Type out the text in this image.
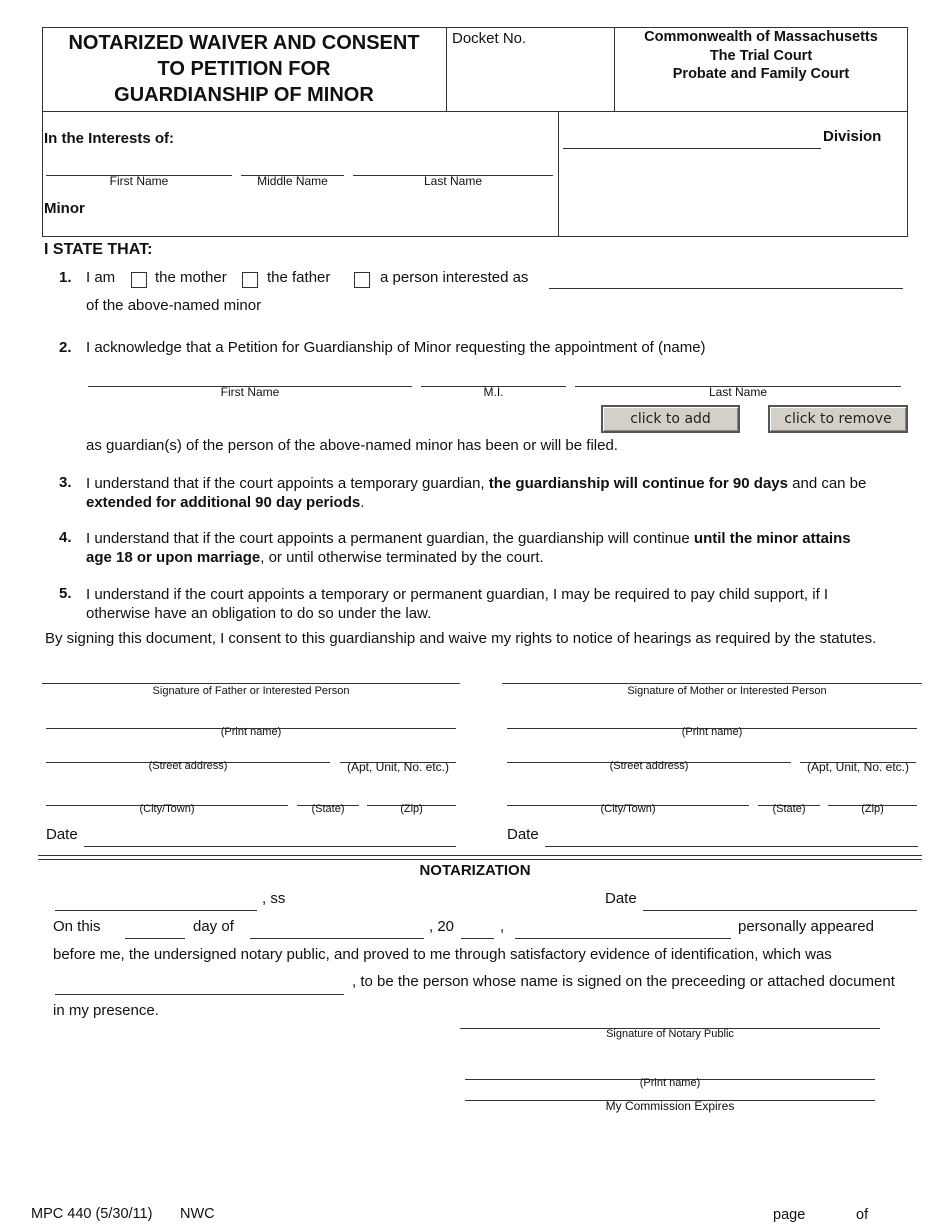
NOTARIZED WAIVER AND CONSENT
TO PETITION FOR
GUARDIANSHIP OF MINOR
Docket No.	Commonwealth of Massachusetts
The Trial Court
Probate and Family Court
In the Interests of:
First Name	Middle Name	Last Name
Minor
Division
I STATE THAT:
1. I am	the mother	the father	a person interested as
of the above-named minor
2. I acknowledge that a Petition for Guardianship of Minor requesting the appointment of (name)
First Name	M.I.	Last Name
click to add	click to remove
as guardian(s) of the person of the above-named minor has been or will be filed.
3. I understand that if the court appoints a temporary guardian, the guardianship will continue for 90 days and can be
extended for additional 90 day periods.
4. I understand that if the court appoints a permanent guardian, the guardianship will continue until the minor attains
age 18 or upon marriage, or until otherwise terminated by the court.
5. I understand if the court appoints a temporary or permanent guardian, I may be required to pay child support, if I
otherwise have an obligation to do so under the law.
By signing this document, I consent to this guardianship and waive my rights to notice of hearings as required by the statutes.
Signature of Father or Interested Person
(Print name)
(Street address)	(Apt, Unit, No. etc.)
(City/Town)	(State)	(Zip)
Date
Signature of Mother or Interested Person
(Print name)
(Street address)	(Apt, Unit, No. etc.)
(City/Town)	(State)	(Zip)
Date
NOTARIZATION
, ss	Date
On this	day of	, 20	,	personally appeared
before me, the undersigned notary public, and proved to me through satisfactory evidence of identification, which was
, to be the person whose name is signed on the preceeding or attached document
in my presence.
Signature of Notary Public
(Print name)
My Commission Expires
MPC 440 (5/30/11) NWC	page	of
